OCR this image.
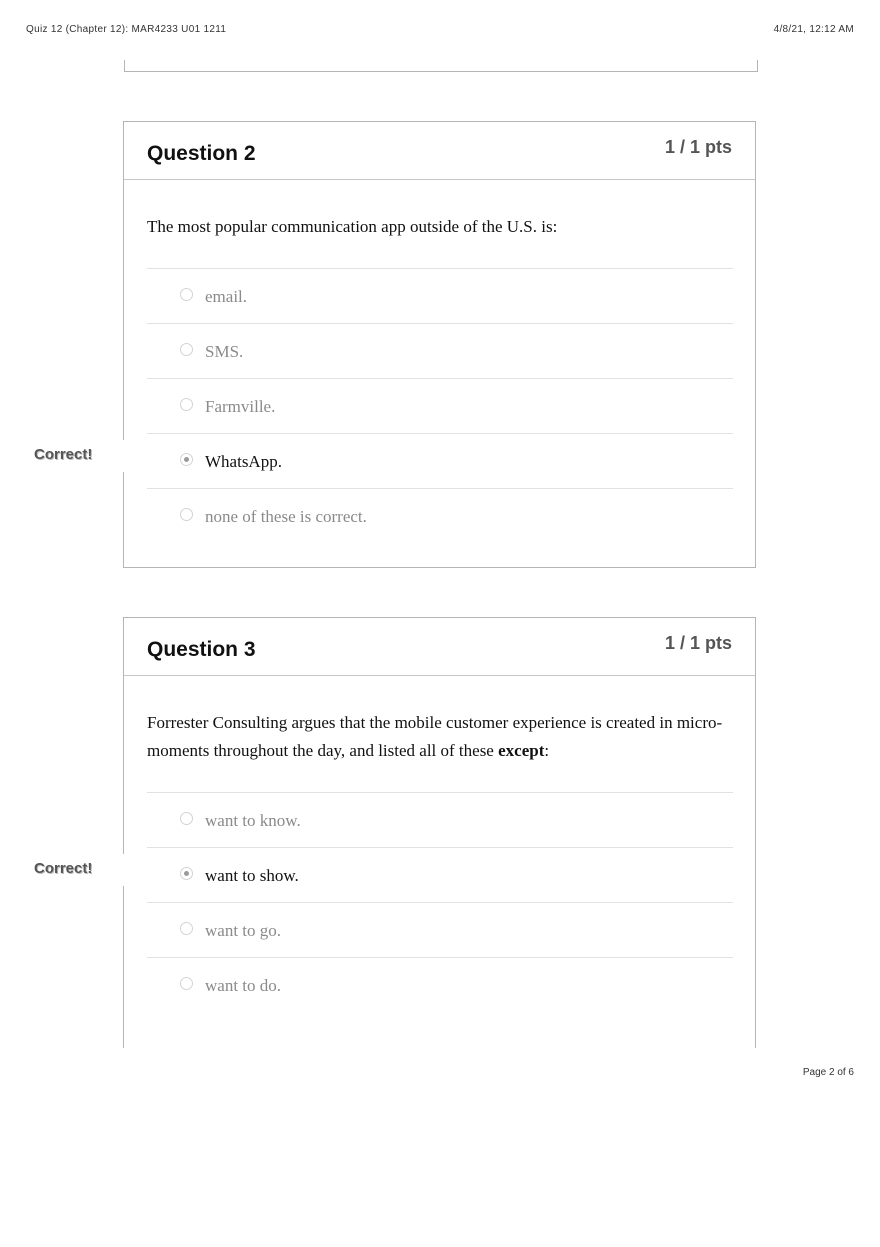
Quiz 12 (Chapter 12): MAR4233 U01 1211	4/8/21, 12:12 AM
Question 2	1 / 1 pts
The most popular communication app outside of the U.S. is:
email.
SMS.
Farmville.
WhatsApp.
none of these is correct.
Correct!
Question 3	1 / 1 pts
Forrester Consulting argues that the mobile customer experience is created in micro-moments throughout the day, and listed all of these except:
want to know.
want to show.
want to go.
want to do.
Correct!
Page 2 of 6
